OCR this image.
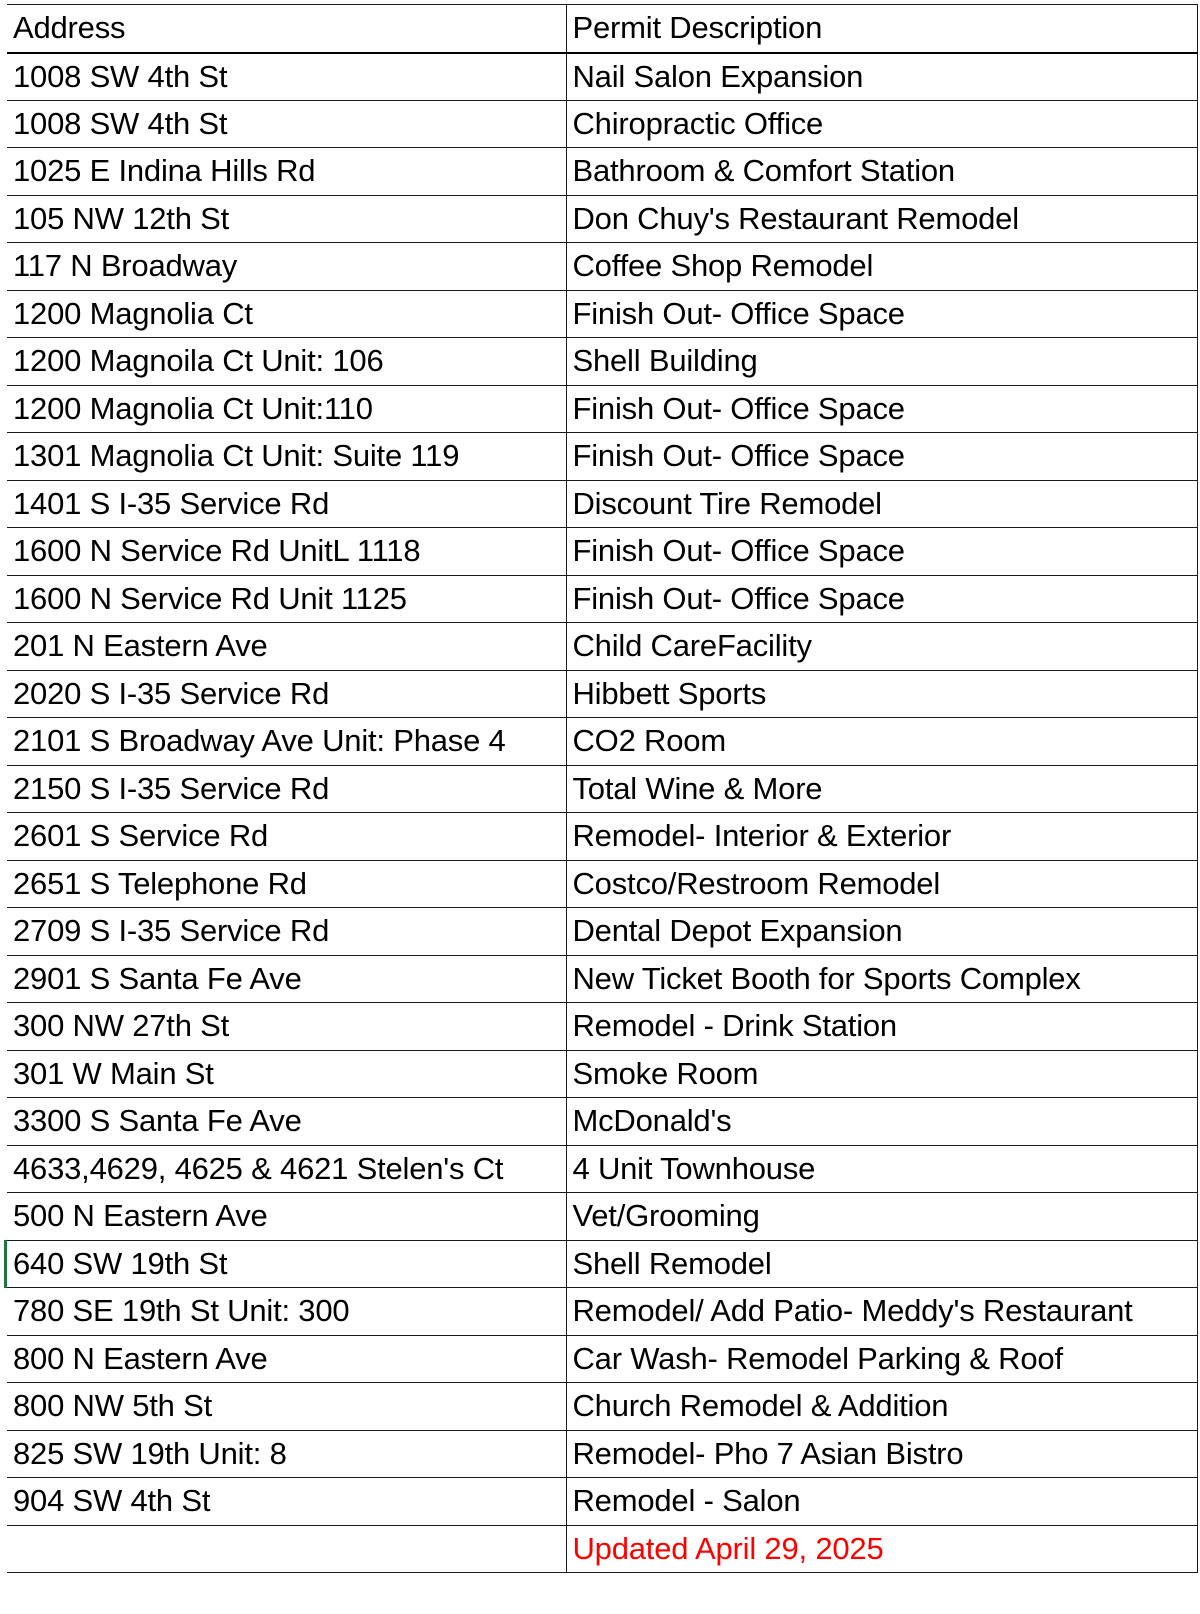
Address	Permit Description
1008 SW 4th St	Nail Salon Expansion
1008 SW 4th St	Chiropractic Office
1025 E Indina Hills Rd	Bathroom & Comfort Station
105 NW 12th St	Don Chuy's Restaurant Remodel
117 N Broadway	Coffee Shop Remodel
1200 Magnolia Ct	Finish Out- Office Space
1200 Magnoila Ct Unit: 106	Shell Building
1200 Magnolia Ct Unit:110	Finish Out- Office Space
1301 Magnolia Ct Unit: Suite 119	Finish Out- Office Space
1401 S I-35 Service Rd	Discount Tire Remodel
1600 N Service Rd UnitL 1118	Finish Out- Office Space
1600 N Service Rd Unit 1125	Finish Out- Office Space
201 N Eastern Ave	Child CareFacility
2020 S I-35 Service Rd	Hibbett Sports
2101 S Broadway Ave Unit: Phase 4	CO2 Room
2150 S I-35 Service Rd	Total Wine & More
2601 S Service Rd	Remodel- Interior & Exterior
2651 S Telephone Rd	Costco/Restroom Remodel
2709 S I-35 Service Rd	Dental Depot Expansion
2901 S Santa Fe Ave	New Ticket Booth for Sports Complex
300 NW 27th St	Remodel - Drink Station
301 W Main St	Smoke Room
3300 S Santa Fe Ave	McDonald's
4633,4629, 4625 & 4621 Stelen's Ct	4 Unit Townhouse
500 N Eastern Ave	Vet/Grooming
640 SW 19th St	Shell Remodel
780 SE 19th St Unit: 300	Remodel/ Add Patio- Meddy's Restaurant
800 N Eastern Ave	Car Wash- Remodel Parking & Roof
800 NW 5th St	Church Remodel & Addition
825 SW 19th Unit: 8	Remodel- Pho 7 Asian Bistro
904 SW 4th St	Remodel - Salon
	Updated April 29, 2025
